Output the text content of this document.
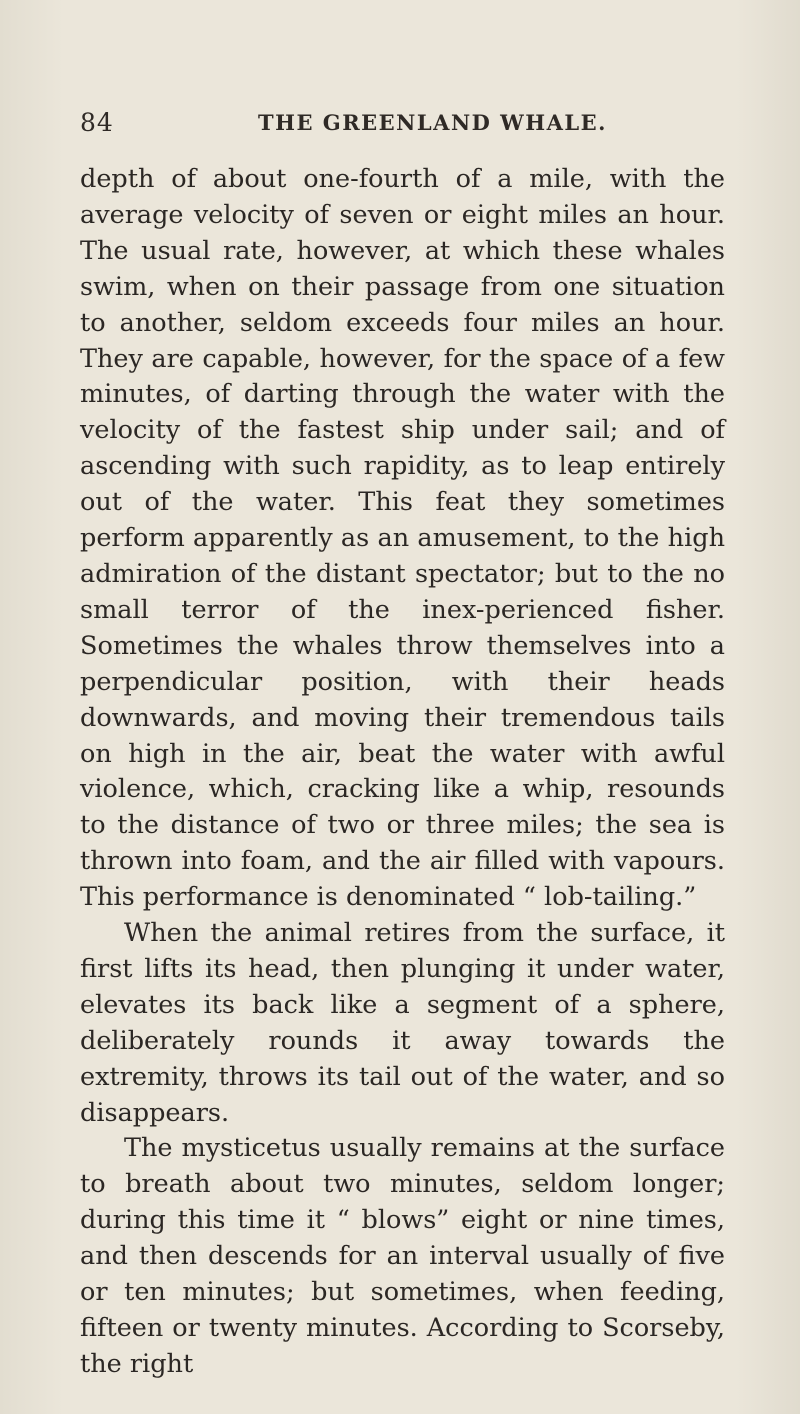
84	THE GREENLAND WHALE.

depth of about one-fourth of a mile, with the average velocity of seven or eight miles an hour. The usual rate, however, at which these whales swim, when on their passage from one situation to another, seldom exceeds four miles an hour. They are capable, however, for the space of a few minutes, of darting through the water with the velocity of the fastest ship under sail; and of ascending with such rapidity, as to leap entirely out of the water. This feat they sometimes perform apparently as an amusement, to the high admiration of the distant spectator; but to the no small terror of the inex-perienced fisher. Sometimes the whales throw themselves into a perpendicular position, with their heads downwards, and moving their tremendous tails on high in the air, beat the water with awful violence, which, cracking like a whip, resounds to the distance of two or three miles; the sea is thrown into foam, and the air filled with vapours. This performance is denominated “ lob-tailing.”

When the animal retires from the surface, it first lifts its head, then plunging it under water, elevates its back like a segment of a sphere, deliberately rounds it away towards the extremity, throws its tail out of the water, and so disappears.

The mysticetus usually remains at the surface to breath about two minutes, seldom longer; during this time it “ blows” eight or nine times, and then descends for an interval usually of five or ten minutes; but sometimes, when feeding, fifteen or twenty minutes. According to Scorseby, the right
